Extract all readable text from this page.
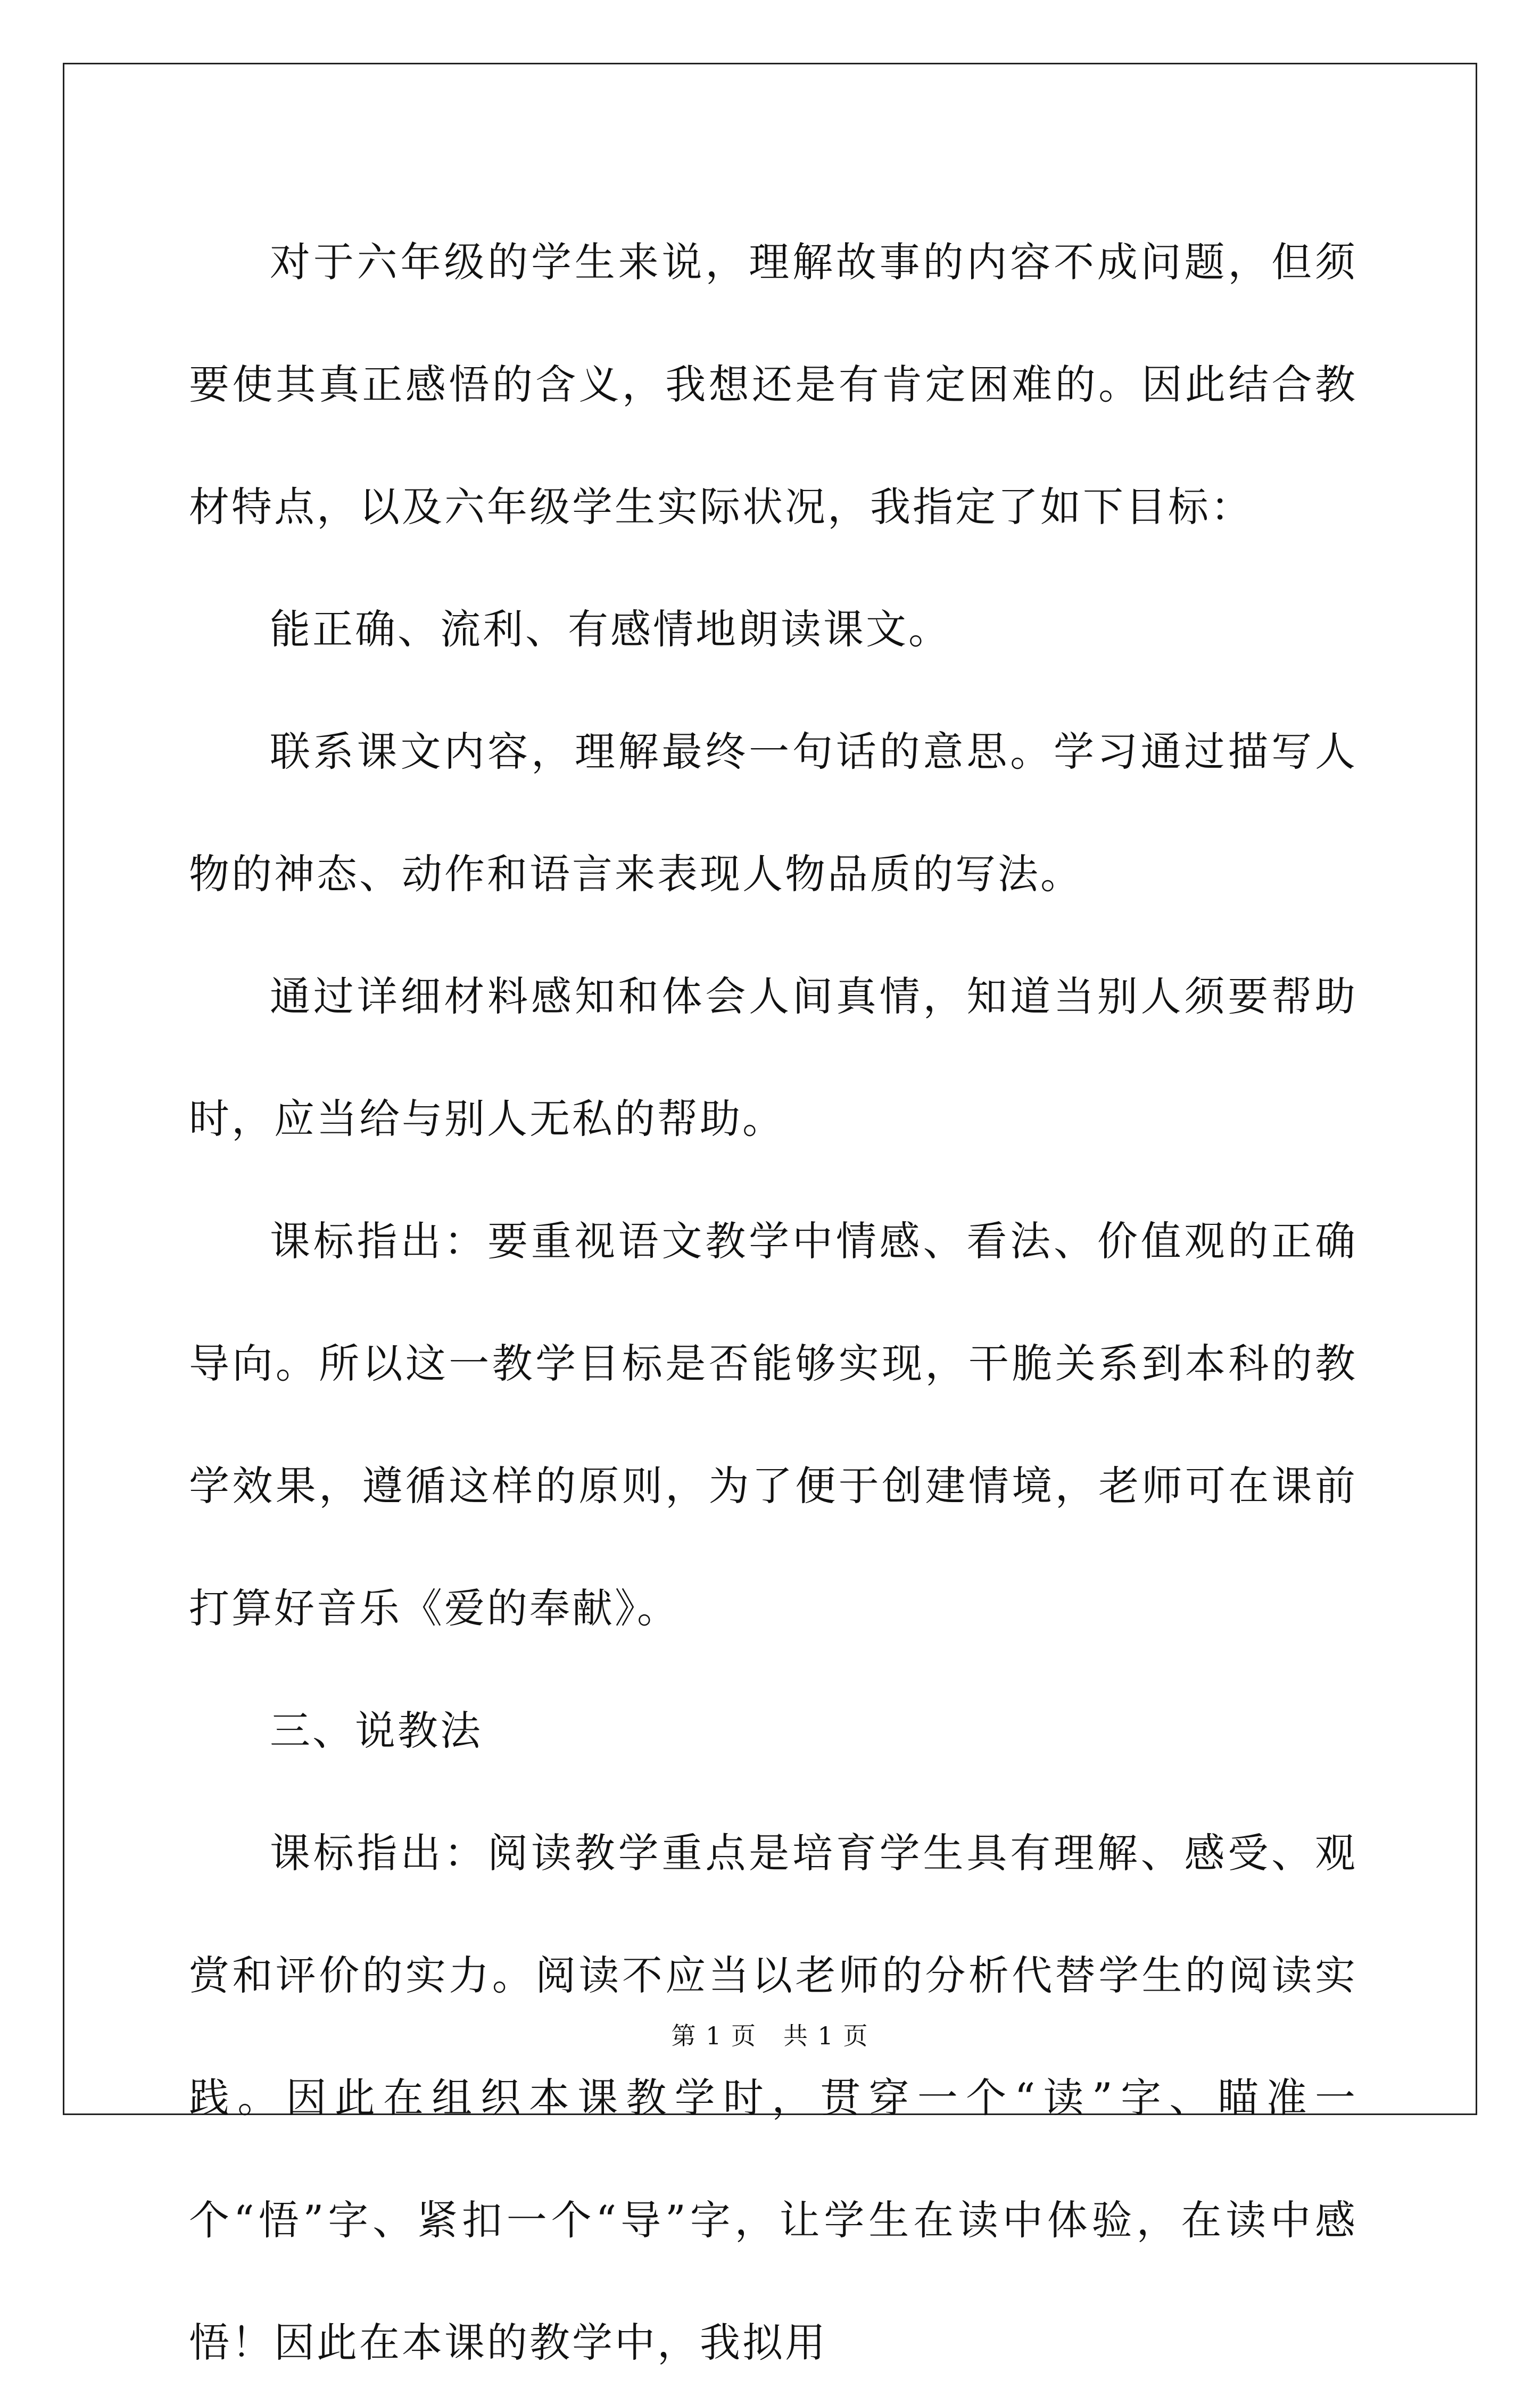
对于六年级的学生来说，理解故事的内容不成问题，但须要使其真正感悟的含义，我想还是有肯定困难的。因此结合教材特点，以及六年级学生实际状况，我指定了如下目标：

能正确、流利、有感情地朗读课文。

联系课文内容，理解最终一句话的意思。学习通过描写人物的神态、动作和语言来表现人物品质的写法。

通过详细材料感知和体会人间真情，知道当别人须要帮助时，应当给与别人无私的帮助。

课标指出：要重视语文教学中情感、看法、价值观的正确导向。所以这一教学目标是否能够实现，干脆关系到本科的教学效果，遵循这样的原则，为了便于创建情境，老师可在课前打算好音乐《爱的奉献》。

三、说教法

课标指出：阅读教学重点是培育学生具有理解、感受、观赏和评价的实力。阅读不应当以老师的分析代替学生的阅读实践。因此在组织本课教学时，贯穿一个“读”字、瞄准一个“悟”字、紧扣一个“导”字，让学生在读中体验，在读中感悟！因此在本课的教学中，我拟用

第 1 页 共 1 页
